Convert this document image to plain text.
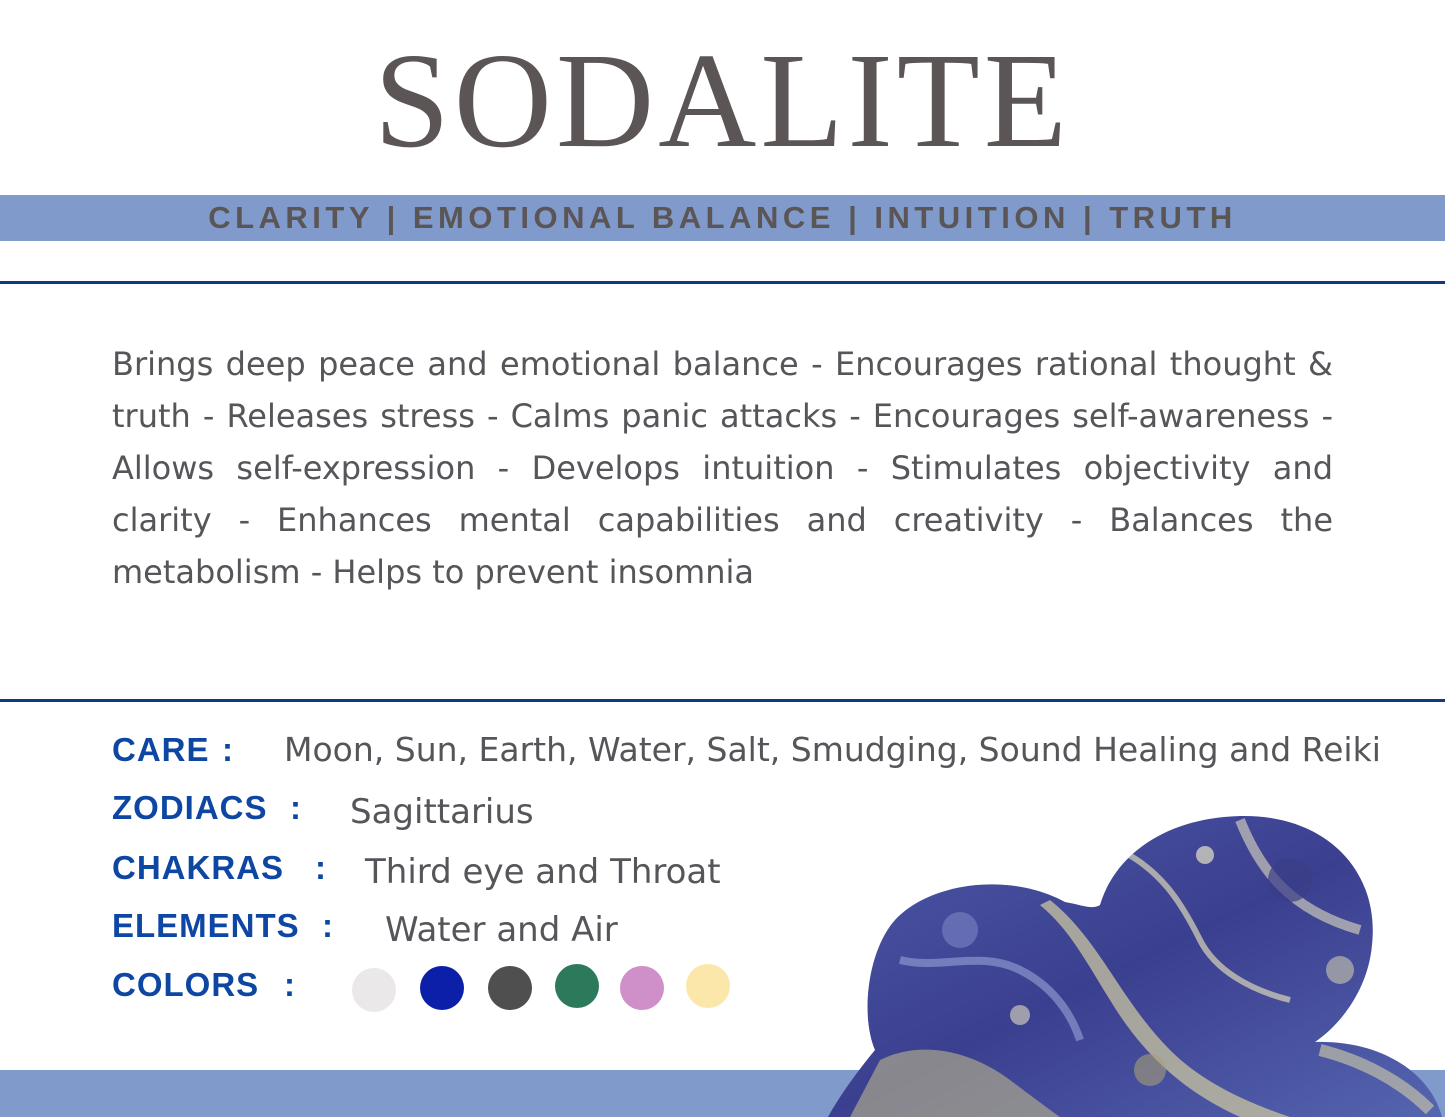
SODALITE
CLARITY | EMOTIONAL BALANCE | INTUITION | TRUTH

Brings deep peace and emotional balance - Encourages rational thought & truth - Releases stress - Calms panic attacks - Encourages self-awareness - Allows self-expression - Develops intuition - Stimulates objectivity and clarity - Enhances mental capabilities and creativity - Balances the metabolism - Helps to prevent insomnia

CARE : Moon, Sun, Earth, Water, Salt, Smudging, Sound Healing and Reiki
ZODIACS : Sagittarius
CHAKRAS : Third eye and Throat
ELEMENTS : Water and Air
COLORS :
